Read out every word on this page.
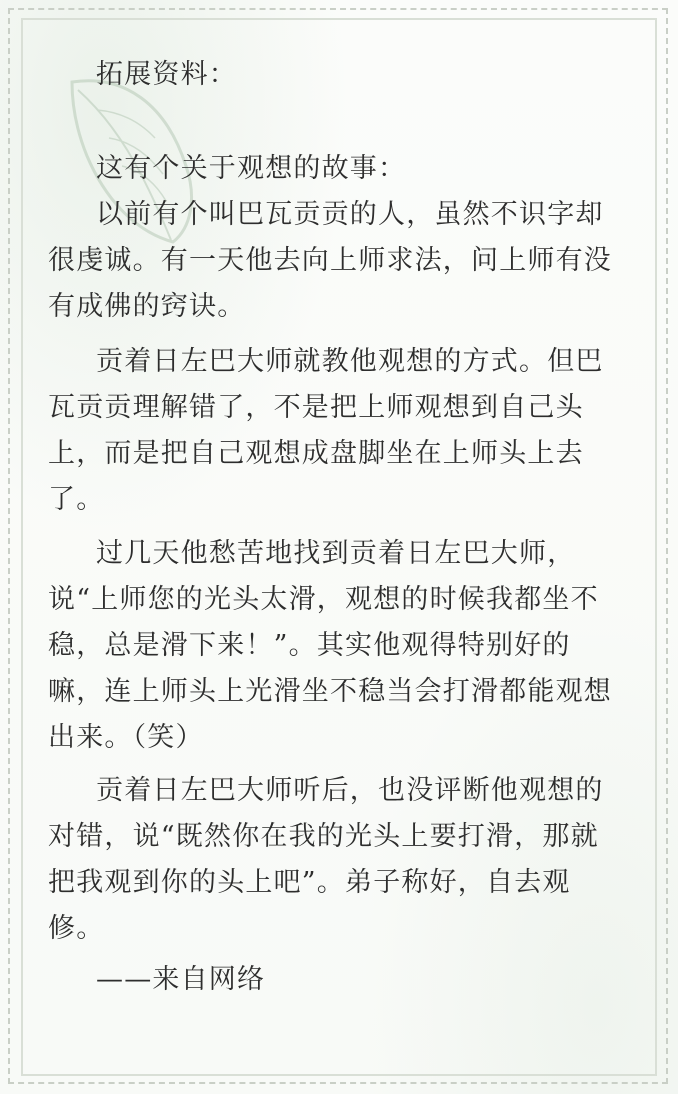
拓展资料：
这有个关于观想的故事：
以前有个叫巴瓦贡贡的人，虽然不识字却
很虔诚。有一天他去向上师求法，问上师有没
有成佛的窍诀。
贡着日左巴大师就教他观想的方式。但巴
瓦贡贡理解错了，不是把上师观想到自己头
上，而是把自己观想成盘脚坐在上师头上去
了。
过几天他愁苦地找到贡着日左巴大师，
说“上师您的光头太滑，观想的时候我都坐不
稳，总是滑下来！”。其实他观得特别好的
嘛，连上师头上光滑坐不稳当会打滑都能观想
出来。（笑）
贡着日左巴大师听后，也没评断他观想的
对错，说“既然你在我的光头上要打滑，那就
把我观到你的头上吧”。弟子称好，自去观
修。
——来自网络
